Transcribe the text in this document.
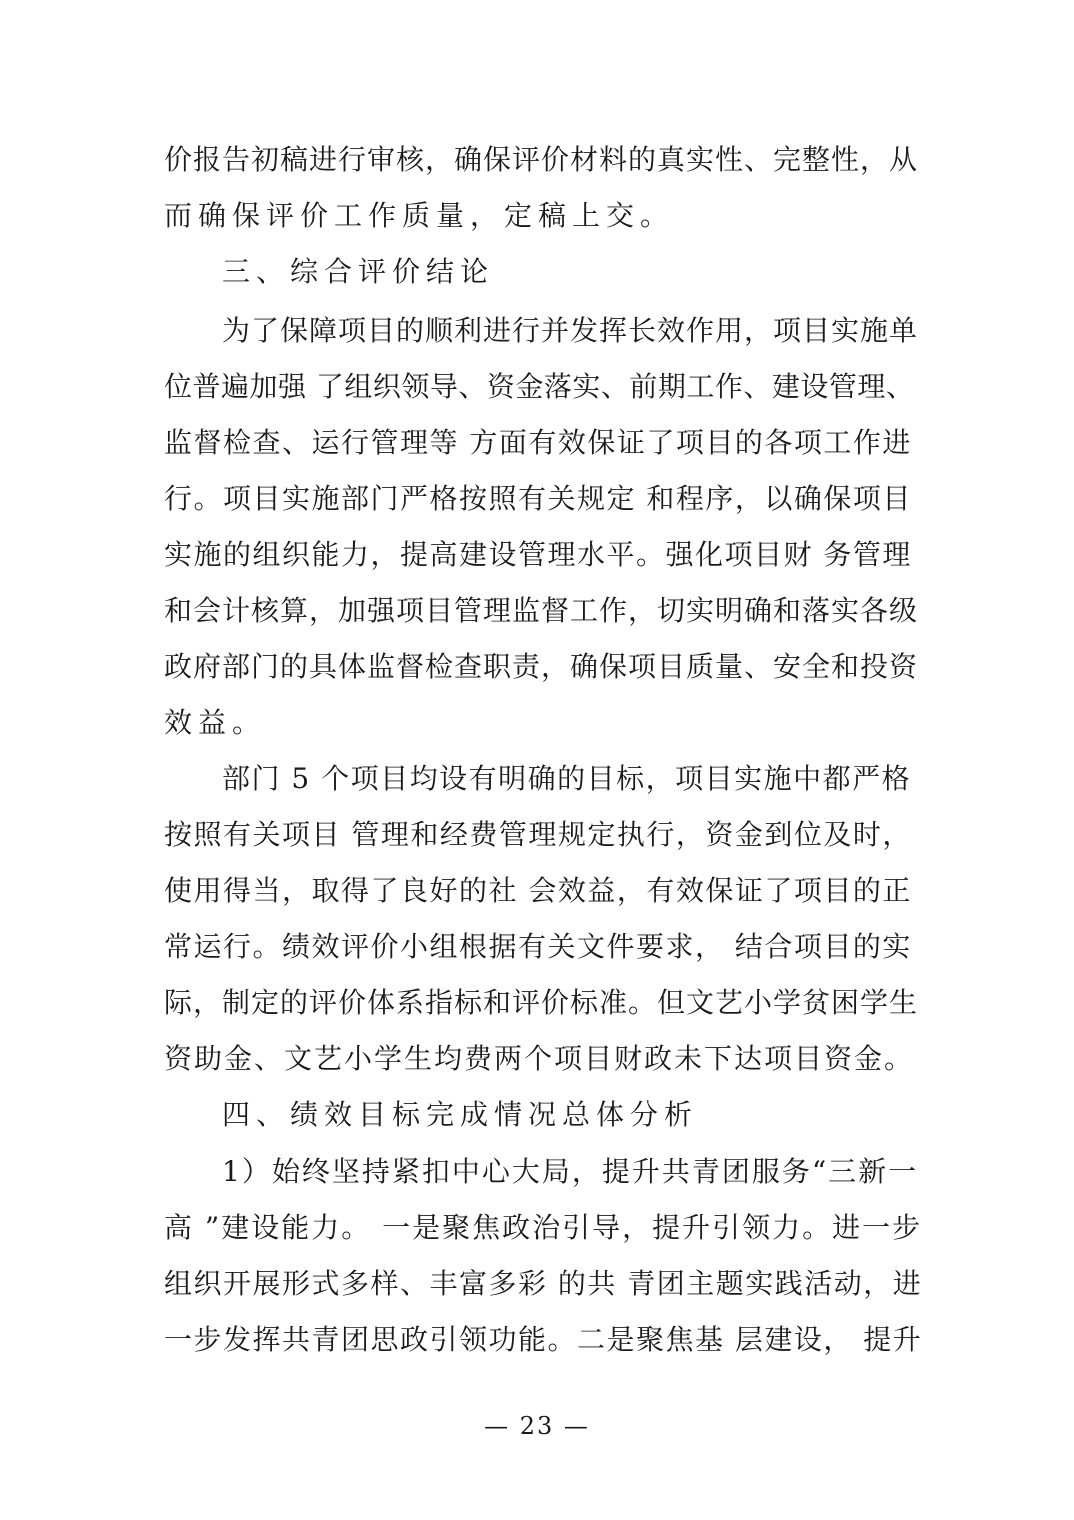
价报告初稿进行审核，确保评价材料的真实性、完整性，从
而确保评价工作质量，定稿上交。
三、综合评价结论
为了保障项目的顺利进行并发挥长效作用，项目实施单
位普遍加强 了组织领导、资金落实、前期工作、建设管理、
监督检查、运行管理等 方面有效保证了项目的各项工作进
行。项目实施部门严格按照有关规定 和程序，以确保项目
实施的组织能力，提高建设管理水平。强化项目财 务管理
和会计核算，加强项目管理监督工作，切实明确和落实各级
政府部门的具体监督检查职责，确保项目质量、安全和投资
效益。
部门 5 个项目均设有明确的目标，项目实施中都严格
按照有关项目 管理和经费管理规定执行，资金到位及时，
使用得当，取得了良好的社 会效益，有效保证了项目的正
常运行。绩效评价小组根据有关文件要求， 结合项目的实
际，制定的评价体系指标和评价标准。但文艺小学贫困学生
资助金、文艺小学生均费两个项目财政未下达项目资金。
四、绩效目标完成情况总体分析
1）始终坚持紧扣中心大局，提升共青团服务“三新一
高 ”建设能力。 一是聚焦政治引导，提升引领力。进一步
组织开展形式多样、丰富多彩 的共 青团主题实践活动，进
一步发挥共青团思政引领功能。二是聚焦基 层建设， 提升
— 23 —
